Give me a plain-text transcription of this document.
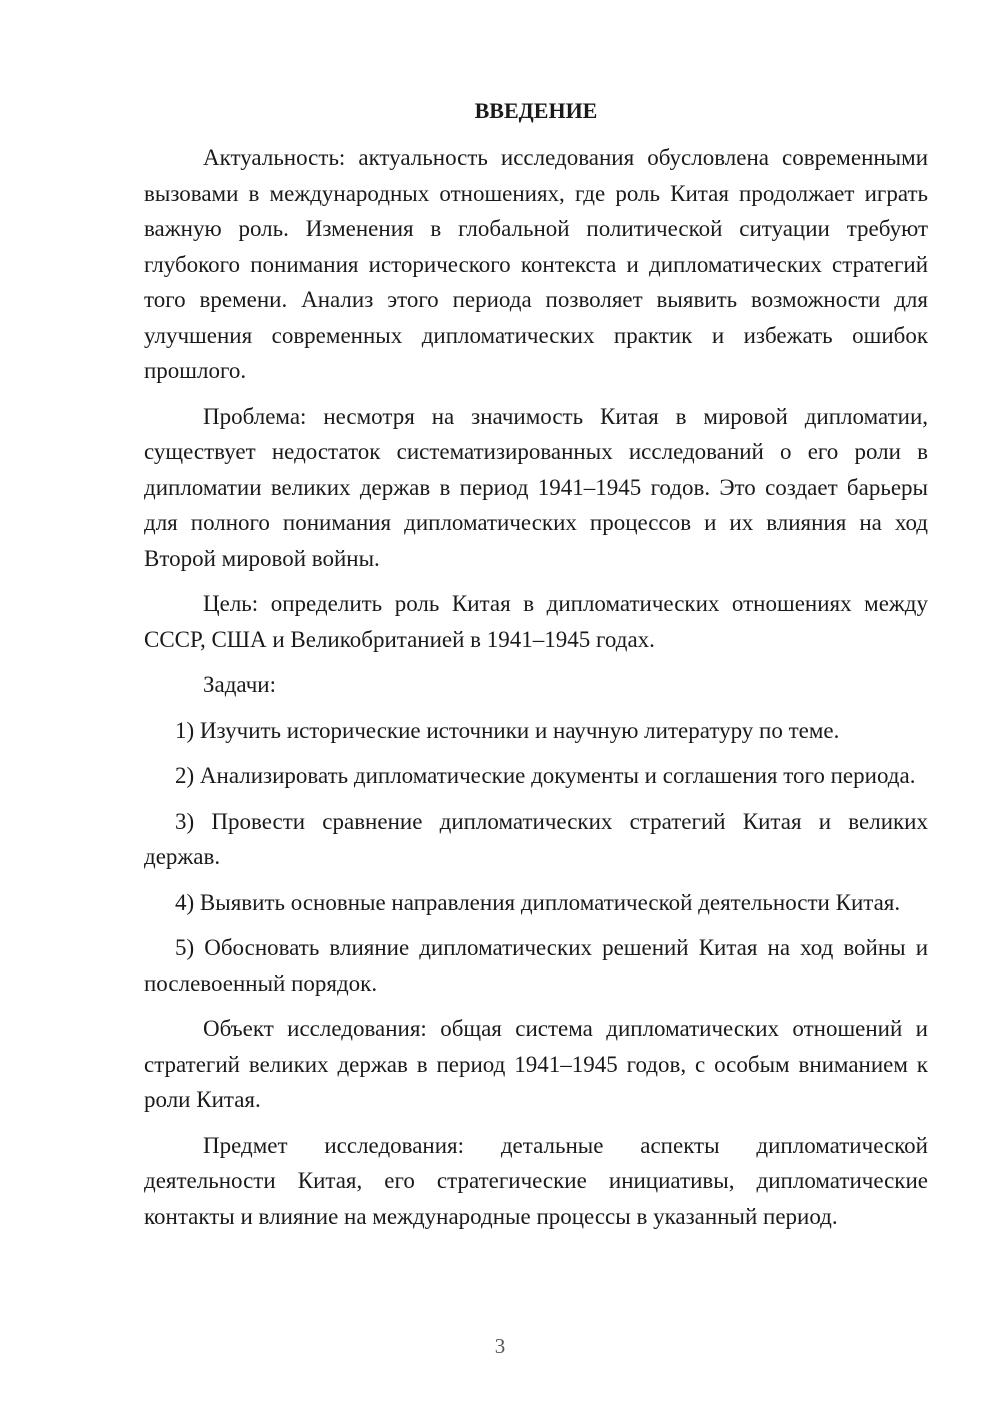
ВВЕДЕНИЕ

Актуальность: актуальность исследования обусловлена современными вызовами в международных отношениях, где роль Китая продолжает играть важную роль. Изменения в глобальной политической ситуации требуют глубокого понимания исторического контекста и дипломатических стратегий того времени. Анализ этого периода позволяет выявить возможности для улучшения современных дипломатических практик и избежать ошибок прошлого.

Проблема: несмотря на значимость Китая в мировой дипломатии, существует недостаток систематизированных исследований о его роли в дипломатии великих держав в период 1941–1945 годов. Это создает барьеры для полного понимания дипломатических процессов и их влияния на ход Второй мировой войны.

Цель: определить роль Китая в дипломатических отношениях между СССР, США и Великобританией в 1941–1945 годах.

Задачи:

1) Изучить исторические источники и научную литературу по теме.

2) Анализировать дипломатические документы и соглашения того периода.

3) Провести сравнение дипломатических стратегий Китая и великих держав.

4) Выявить основные направления дипломатической деятельности Китая.

5) Обосновать влияние дипломатических решений Китая на ход войны и послевоенный порядок.

Объект исследования: общая система дипломатических отношений и стратегий великих держав в период 1941–1945 годов, с особым вниманием к роли Китая.

Предмет исследования: детальные аспекты дипломатической деятельности Китая, его стратегические инициативы, дипломатические контакты и влияние на международные процессы в указанный период.

3
